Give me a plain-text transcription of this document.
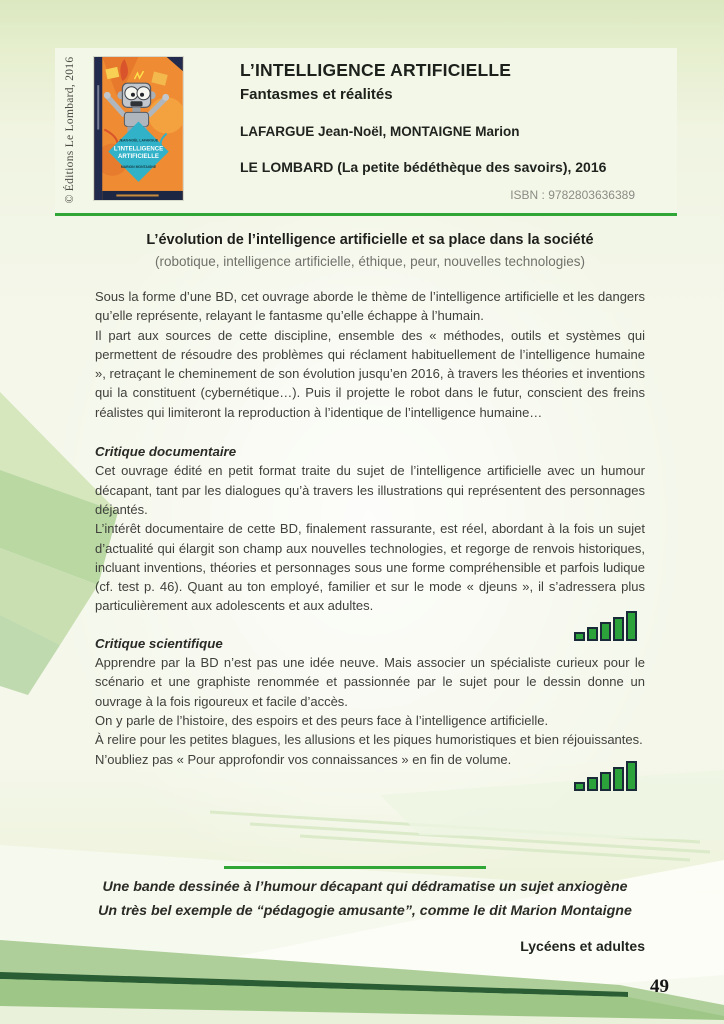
© Éditions Le Lombard, 2016	JEAN-NOËL LAFARGUE
L’INTELLIGENCE
ARTIFICIELLE
MARION MONTAIGNE
L’INTELLIGENCE ARTIFICIELLE
Fantasmes et réalités
LAFARGUE Jean-Noël, MONTAIGNE Marion
LE LOMBARD (La petite bédéthèque des savoirs), 2016
ISBN : 9782803636389
L’évolution de l’intelligence artificielle et sa place dans la société
(robotique, intelligence artificielle, éthique, peur, nouvelles technologies)

Sous la forme d’une BD, cet ouvrage aborde le thème de l’intelligence artificielle et les dangers qu’elle représente, relayant le fantasme qu’elle échappe à l’humain.

Il part aux sources de cette discipline, ensemble des « méthodes, outils et systèmes qui permettent de résoudre des problèmes qui réclament habituellement de l’intelligence humaine », retraçant le cheminement de son évolution jusqu’en 2016, à travers les théories et inventions qui la constituent (cybernétique…). Puis il projette le robot dans le futur, conscient des freins réalistes qui limiteront la reproduction à l’identique de l’intelligence humaine…

Critique documentaire

Cet ouvrage édité en petit format traite du sujet de l’intelligence artificielle avec un humour décapant, tant par les dialogues qu’à travers les illustrations qui représentent des personnages déjantés.

L’intérêt documentaire de cette BD, finalement rassurante, est réel, abordant à la fois un sujet d’actualité qui élargit son champ aux nouvelles technologies, et regorge de renvois historiques, incluant inventions, théories et personnages sous une forme compréhensible et parfois ludique (cf. test p. 46). Quant au ton employé, familier et sur le mode « djeuns », il s’adressera plus particulièrement aux adolescents et aux adultes.

Critique scientifique

Apprendre par la BD n’est pas une idée neuve. Mais associer un spécialiste curieux pour le scénario et une graphiste renommée et passionnée par le sujet pour le dessin donne un ouvrage à la fois rigoureux et facile d’accès.

On y parle de l’histoire, des espoirs et des peurs face à l’intelligence artificielle.

À relire pour les petites blagues, les allusions et les piques humoristiques et bien réjouissantes.

N’oubliez pas « Pour approfondir vos connaissances » en fin de volume.

Une bande dessinée à l’humour décapant qui dédramatise un sujet anxiogène
Un très bel exemple de “pédagogie amusante”, comme le dit Marion Montaigne
Lycéens et adultes
49
